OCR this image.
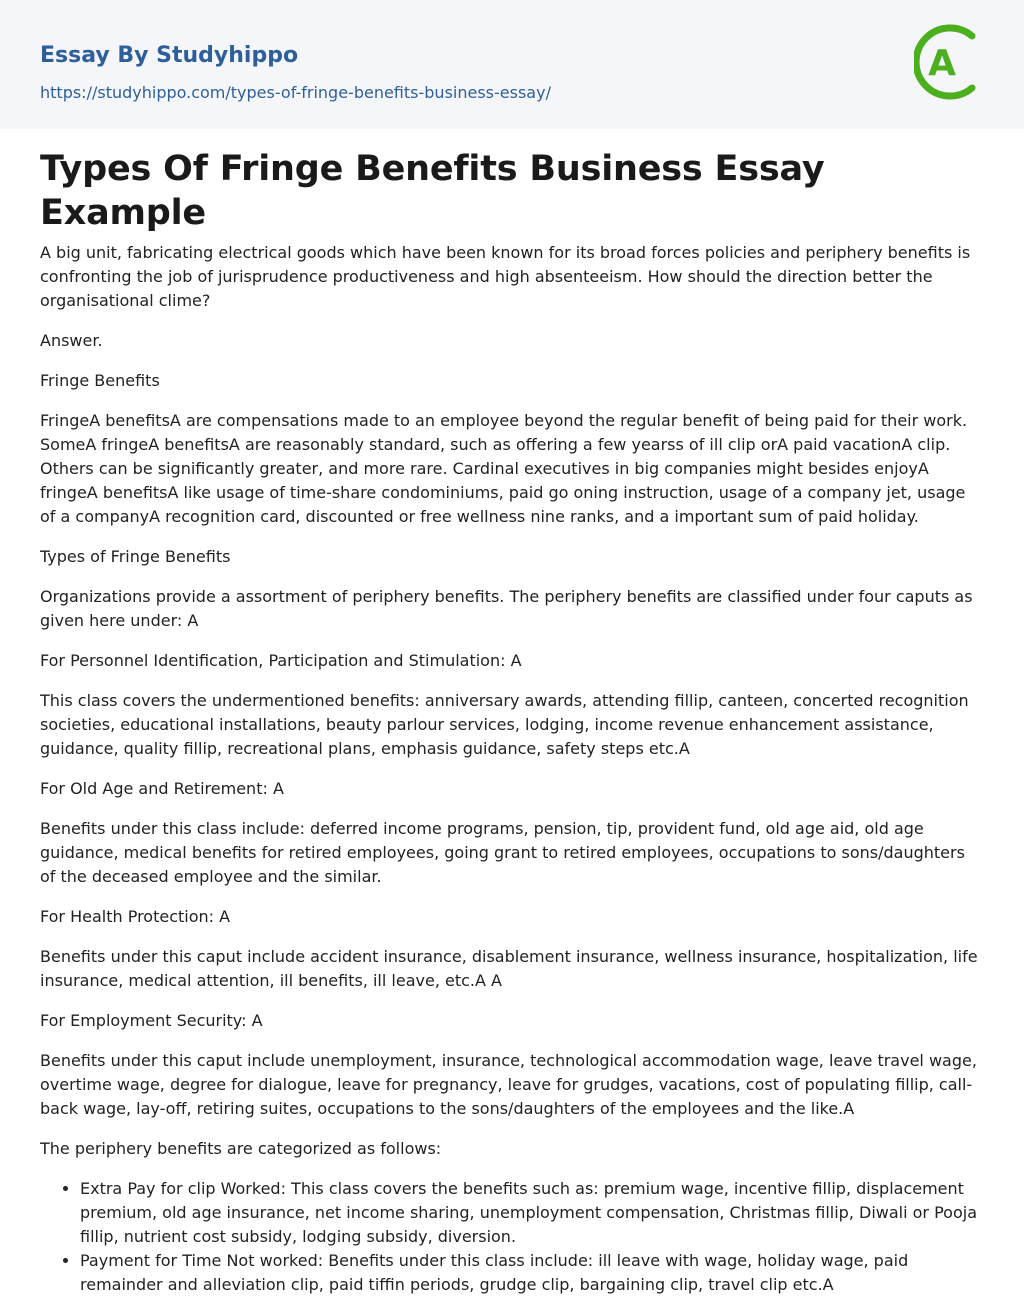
Essay By Studyhippo
https://studyhippo.com/types-of-fringe-benefits-business-essay/
A
Types Of Fringe Benefits Business Essay Example

A big unit, fabricating electrical goods which have been known for its broad forces policies and periphery benefits is confronting the job of jurisprudence productiveness and high absenteeism. How should the direction better the organisational clime?

Answer.

Fringe Benefits

FringeA benefitsA are compensations made to an employee beyond the regular benefit of being paid for their work. SomeA fringeA benefitsA are reasonably standard, such as offering a few yearss of ill clip orA paid vacationA clip. Others can be significantly greater, and more rare. Cardinal executives in big companies might besides enjoyA fringeA benefitsA like usage of time-share condominiums, paid go oning instruction, usage of a company jet, usage of a companyA recognition card, discounted or free wellness nine ranks, and a important sum of paid holiday.

Types of Fringe Benefits

Organizations provide a assortment of periphery benefits. The periphery benefits are classified under four caputs as given here under: A

For Personnel Identification, Participation and Stimulation: A

This class covers the undermentioned benefits: anniversary awards, attending fillip, canteen, concerted recognition societies, educational installations, beauty parlour services, lodging, income revenue enhancement assistance, guidance, quality fillip, recreational plans, emphasis guidance, safety steps etc.A

For Old Age and Retirement: A

Benefits under this class include: deferred income programs, pension, tip, provident fund, old age aid, old age guidance, medical benefits for retired employees, going grant to retired employees, occupations to sons/daughters of the deceased employee and the similar.

For Health Protection: A

Benefits under this caput include accident insurance, disablement insurance, wellness insurance, hospitalization, life insurance, medical attention, ill benefits, ill leave, etc.A A

For Employment Security: A

Benefits under this caput include unemployment, insurance, technological accommodation wage, leave travel wage, overtime wage, degree for dialogue, leave for pregnancy, leave for grudges, vacations, cost of populating fillip, call-back wage, lay-off, retiring suites, occupations to the sons/daughters of the employees and the like.A

The periphery benefits are categorized as follows:

• Extra Pay for clip Worked: This class covers the benefits such as: premium wage, incentive fillip, displacement premium, old age insurance, net income sharing, unemployment compensation, Christmas fillip, Diwali or Pooja fillip, nutrient cost subsidy, lodging subsidy, diversion.
• Payment for Time Not worked: Benefits under this class include: ill leave with wage, holiday wage, paid remainder and alleviation clip, paid tiffin periods, grudge clip, bargaining clip, travel clip etc.A
